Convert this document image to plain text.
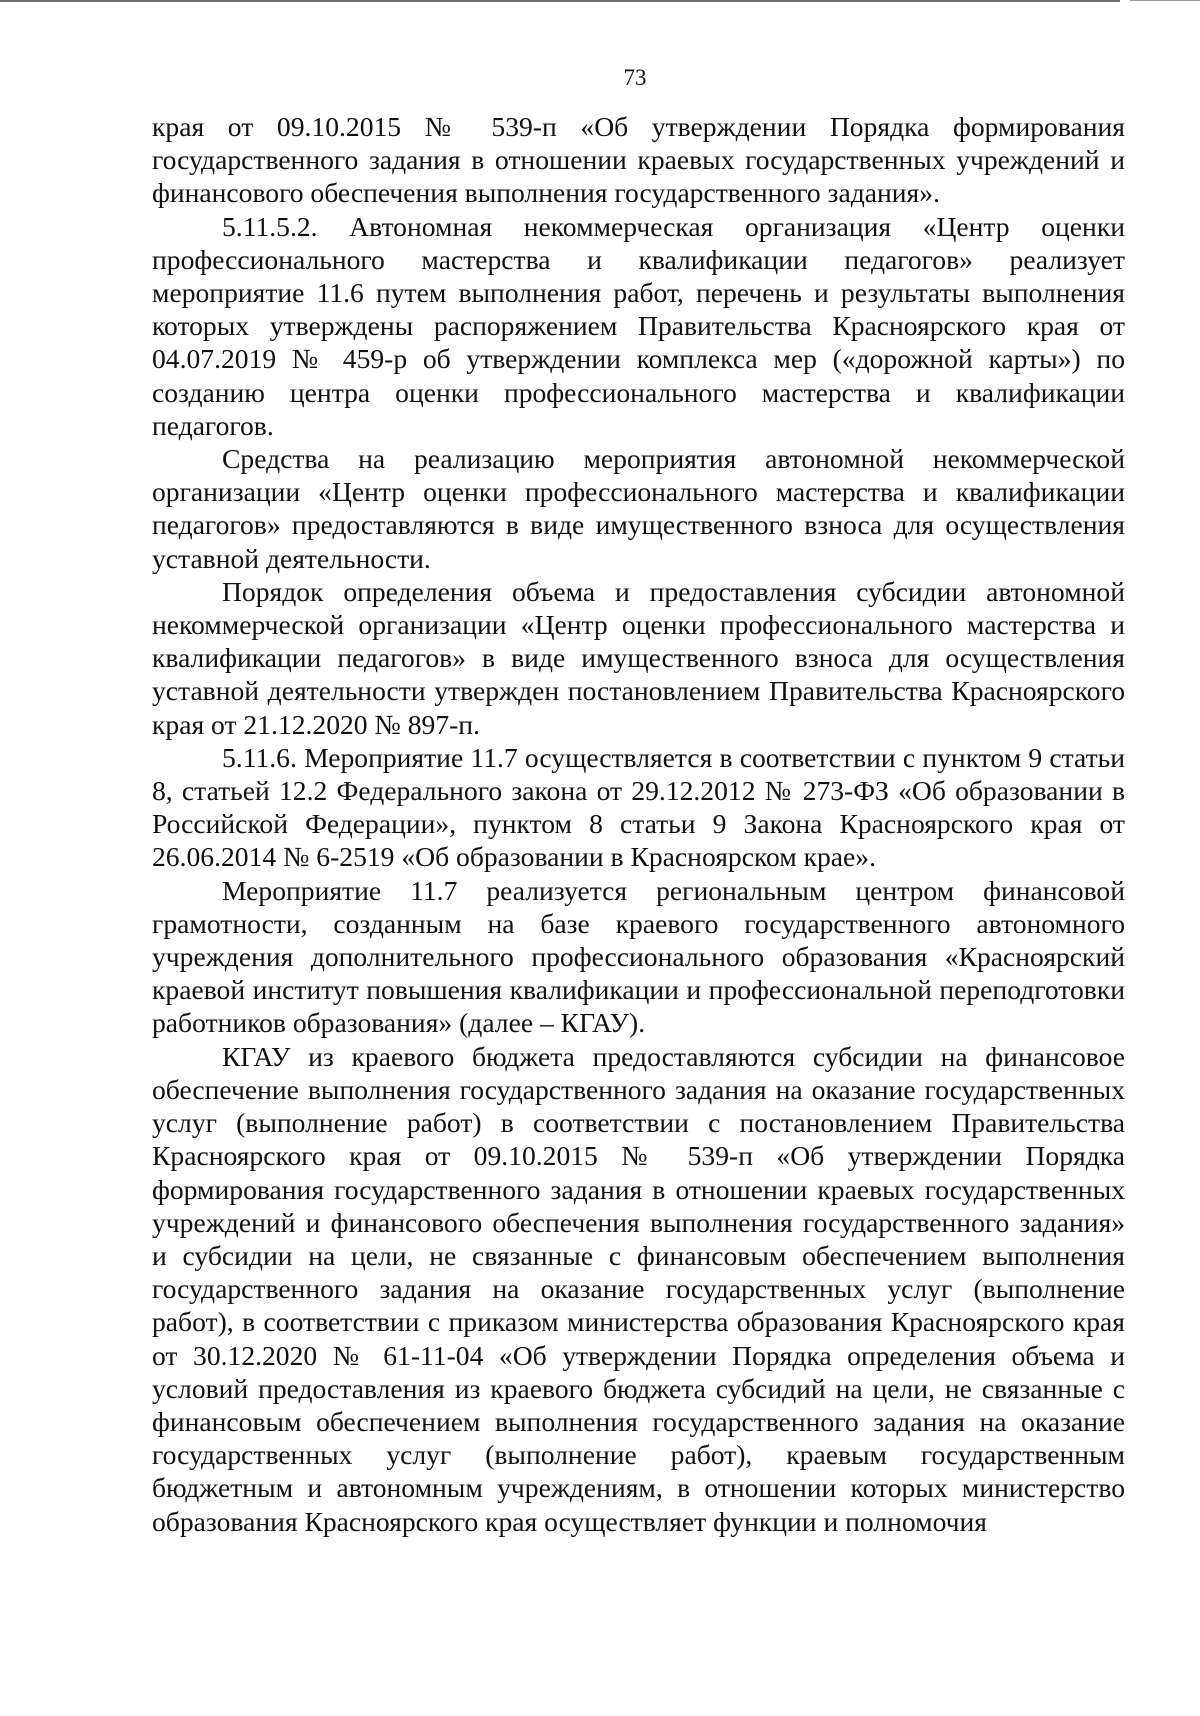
73

края от 09.10.2015 № 539-п «Об утверждении Порядка формирования государственного задания в отношении краевых государственных учреждений и финансового обеспечения выполнения государственного задания».

5.11.5.2. Автономная некоммерческая организация «Центр оценки профессионального мастерства и квалификации педагогов» реализует мероприятие 11.6 путем выполнения работ, перечень и результаты выполнения которых утверждены распоряжением Правительства Красноярского края от 04.07.2019 № 459-р об утверждении комплекса мер («дорожной карты») по созданию центра оценки профессионального мастерства и квалификации педагогов.

Средства на реализацию мероприятия автономной некоммерческой организации «Центр оценки профессионального мастерства и квалификации педагогов» предоставляются в виде имущественного взноса для осуществления уставной деятельности.

Порядок определения объема и предоставления субсидии автономной некоммерческой организации «Центр оценки профессионального мастерства и квалификации педагогов» в виде имущественного взноса для осуществления уставной деятельности утвержден постановлением Правительства Красноярского края от 21.12.2020 № 897-п.

5.11.6. Мероприятие 11.7 осуществляется в соответствии с пунктом 9 статьи 8, статьей 12.2 Федерального закона от 29.12.2012 № 273-ФЗ «Об образовании в Российской Федерации», пунктом 8 статьи 9 Закона Красноярского края от 26.06.2014 № 6-2519 «Об образовании в Красноярском крае».

Мероприятие 11.7 реализуется региональным центром финансовой грамотности, созданным на базе краевого государственного автономного учреждения дополнительного профессионального образования «Красноярский краевой институт повышения квалификации и профессиональной переподготовки работников образования» (далее – КГАУ).

КГАУ из краевого бюджета предоставляются субсидии на финансовое обеспечение выполнения государственного задания на оказание государственных услуг (выполнение работ) в соответствии с постановлением Правительства Красноярского края от 09.10.2015 № 539-п «Об утверждении Порядка формирования государственного задания в отношении краевых государственных учреждений и финансового обеспечения выполнения государственного задания» и субсидии на цели, не связанные с финансовым обеспечением выполнения государственного задания на оказание государственных услуг (выполнение работ), в соответствии с приказом министерства образования Красноярского края от 30.12.2020 № 61-11-04 «Об утверждении Порядка определения объема и условий предоставления из краевого бюджета субсидий на цели, не связанные с финансовым обеспечением выполнения государственного задания на оказание государственных услуг (выполнение работ), краевым государственным бюджетным и автономным учреждениям, в отношении которых министерство образования Красноярского края осуществляет функции и полномочия
